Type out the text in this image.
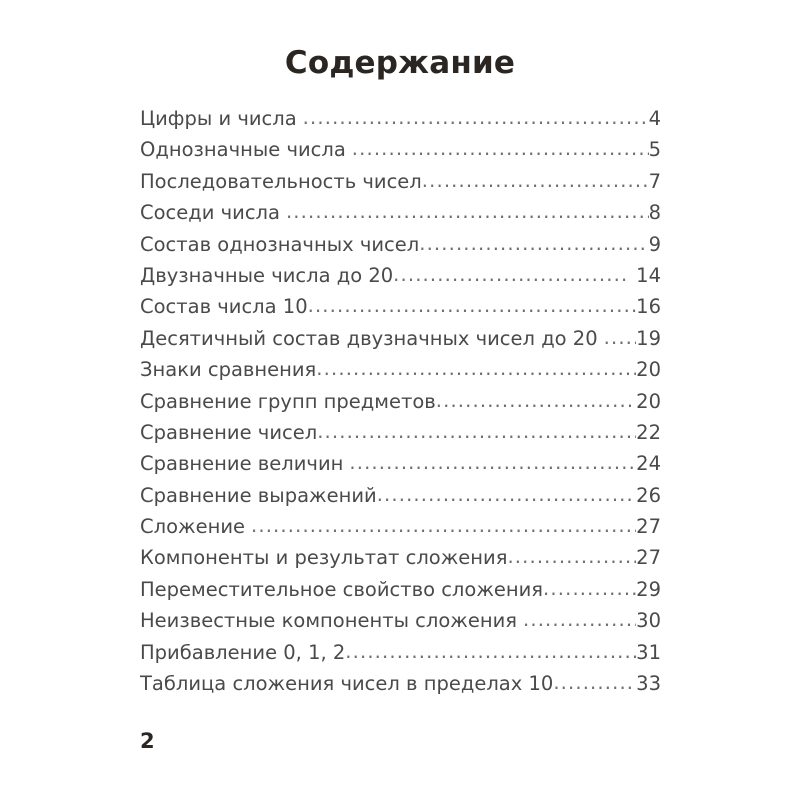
Содержание
Цифры и числа .....	4
Однозначные числа .....	5
Последовательность чисел .....	7
Соседи числа .....	8
Состав однозначных чисел .....	9
Двузначные числа до 20 .....	14
Состав числа 10 .....	16
Десятичный состав двузначных чисел до 20 .....	19
Знаки сравнения .....	20
Сравнение групп предметов .....	20
Сравнение чисел .....	22
Сравнение величин .....	24
Сравнение выражений .....	26
Сложение .....	27
Компоненты и результат сложения .....	27
Переместительное свойство сложения .....	29
Неизвестные компоненты сложения .....	30
Прибавление 0, 1, 2 .....	31
Таблица сложения чисел в пределах 10 .....	33
2
